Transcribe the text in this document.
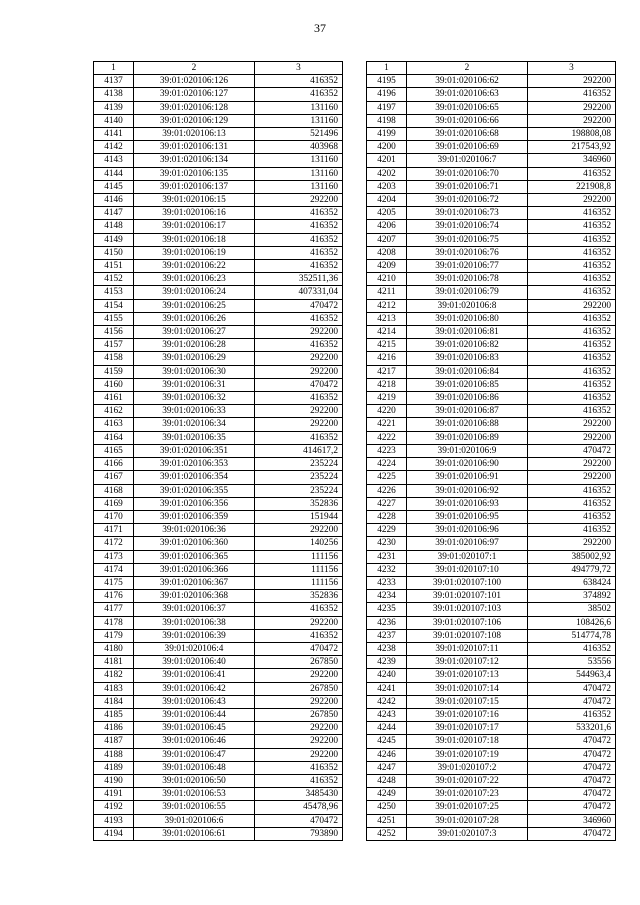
37
1	2	3
4137	39:01:020106:126	416352
4138	39:01:020106:127	416352
4139	39:01:020106:128	131160
4140	39:01:020106:129	131160
4141	39:01:020106:13	521496
4142	39:01:020106:131	403968
4143	39:01:020106:134	131160
4144	39:01:020106:135	131160
4145	39:01:020106:137	131160
4146	39:01:020106:15	292200
4147	39:01:020106:16	416352
4148	39:01:020106:17	416352
4149	39:01:020106:18	416352
4150	39:01:020106:19	416352
4151	39:01:020106:22	416352
4152	39:01:020106:23	352511,36
4153	39:01:020106:24	407331,04
4154	39:01:020106:25	470472
4155	39:01:020106:26	416352
4156	39:01:020106:27	292200
4157	39:01:020106:28	416352
4158	39:01:020106:29	292200
4159	39:01:020106:30	292200
4160	39:01:020106:31	470472
4161	39:01:020106:32	416352
4162	39:01:020106:33	292200
4163	39:01:020106:34	292200
4164	39:01:020106:35	416352
4165	39:01:020106:351	414617,2
4166	39:01:020106:353	235224
4167	39:01:020106:354	235224
4168	39:01:020106:355	235224
4169	39:01:020106:356	352836
4170	39:01:020106:359	151944
4171	39:01:020106:36	292200
4172	39:01:020106:360	140256
4173	39:01:020106:365	111156
4174	39:01:020106:366	111156
4175	39:01:020106:367	111156
4176	39:01:020106:368	352836
4177	39:01:020106:37	416352
4178	39:01:020106:38	292200
4179	39:01:020106:39	416352
4180	39:01:020106:4	470472
4181	39:01:020106:40	267850
4182	39:01:020106:41	292200
4183	39:01:020106:42	267850
4184	39:01:020106:43	292200
4185	39:01:020106:44	267850
4186	39:01:020106:45	292200
4187	39:01:020106:46	292200
4188	39:01:020106:47	292200
4189	39:01:020106:48	416352
4190	39:01:020106:50	416352
4191	39:01:020106:53	3485430
4192	39:01:020106:55	45478,96
4193	39:01:020106:6	470472
4194	39:01:020106:61	793890
1	2	3
4195	39:01:020106:62	292200
4196	39:01:020106:63	416352
4197	39:01:020106:65	292200
4198	39:01:020106:66	292200
4199	39:01:020106:68	198808,08
4200	39:01:020106:69	217543,92
4201	39:01:020106:7	346960
4202	39:01:020106:70	416352
4203	39:01:020106:71	221908,8
4204	39:01:020106:72	292200
4205	39:01:020106:73	416352
4206	39:01:020106:74	416352
4207	39:01:020106:75	416352
4208	39:01:020106:76	416352
4209	39:01:020106:77	416352
4210	39:01:020106:78	416352
4211	39:01:020106:79	416352
4212	39:01:020106:8	292200
4213	39:01:020106:80	416352
4214	39:01:020106:81	416352
4215	39:01:020106:82	416352
4216	39:01:020106:83	416352
4217	39:01:020106:84	416352
4218	39:01:020106:85	416352
4219	39:01:020106:86	416352
4220	39:01:020106:87	416352
4221	39:01:020106:88	292200
4222	39:01:020106:89	292200
4223	39:01:020106:9	470472
4224	39:01:020106:90	292200
4225	39:01:020106:91	292200
4226	39:01:020106:92	416352
4227	39:01:020106:93	416352
4228	39:01:020106:95	416352
4229	39:01:020106:96	416352
4230	39:01:020106:97	292200
4231	39:01:020107:1	385002,92
4232	39:01:020107:10	494779,72
4233	39:01:020107:100	638424
4234	39:01:020107:101	374892
4235	39:01:020107:103	38502
4236	39:01:020107:106	108426,6
4237	39:01:020107:108	514774,78
4238	39:01:020107:11	416352
4239	39:01:020107:12	53556
4240	39:01:020107:13	544963,4
4241	39:01:020107:14	470472
4242	39:01:020107:15	470472
4243	39:01:020107:16	416352
4244	39:01:020107:17	533201,6
4245	39:01:020107:18	470472
4246	39:01:020107:19	470472
4247	39:01:020107:2	470472
4248	39:01:020107:22	470472
4249	39:01:020107:23	470472
4250	39:01:020107:25	470472
4251	39:01:020107:28	346960
4252	39:01:020107:3	470472
